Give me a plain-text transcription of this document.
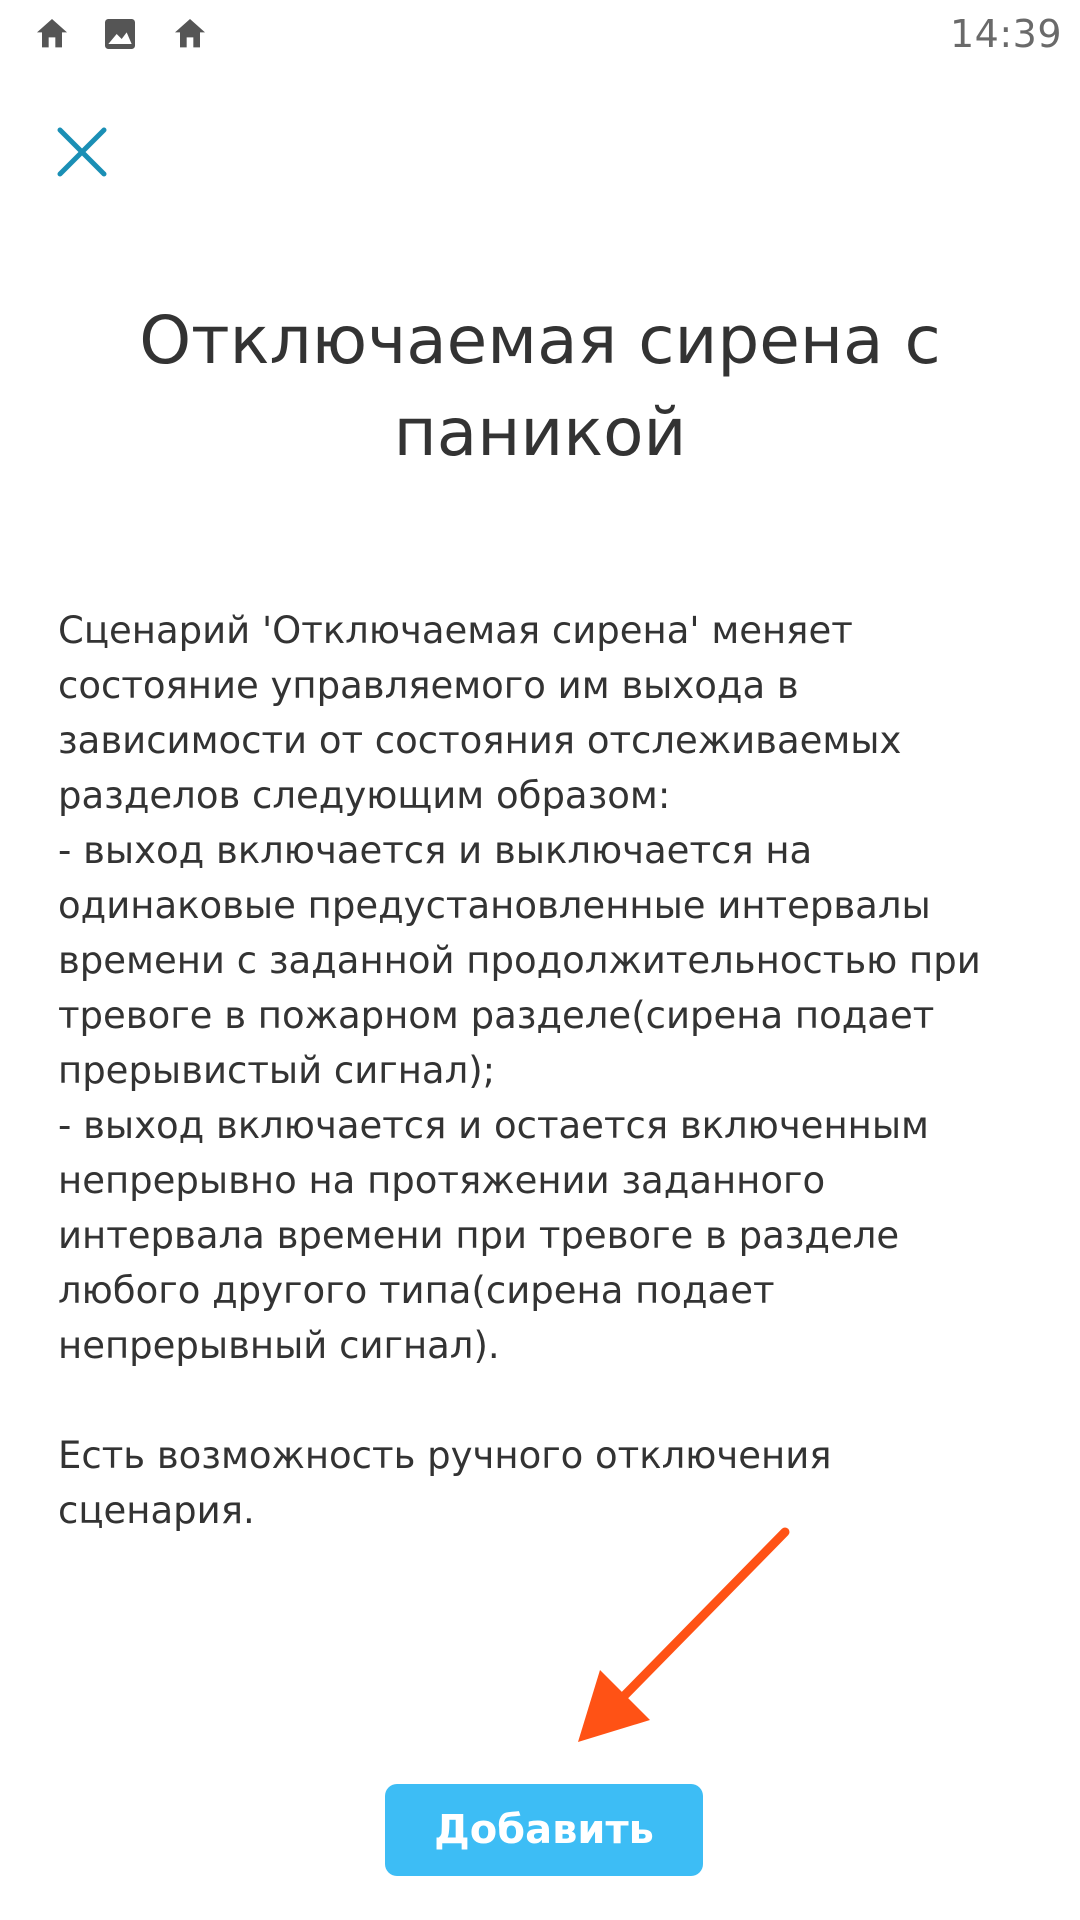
14:39
Отключаемая сирена с паникой

Сценарий 'Отключаемая сирена' меняет состояние управляемого им выхода в зависимости от состояния отслеживаемых разделов следующим образом:
- выход включается и выключается на одинаковые предустановленные интервалы времени с заданной продолжительностью при тревоге в пожарном разделе(сирена подает прерывистый сигнал);
- выход включается и остается включенным непрерывно на протяжении заданного интервала времени при тревоге в разделе любого другого типа(сирена подает непрерывный сигнал).

Есть возможность ручного отключения сценария.

Добавить
